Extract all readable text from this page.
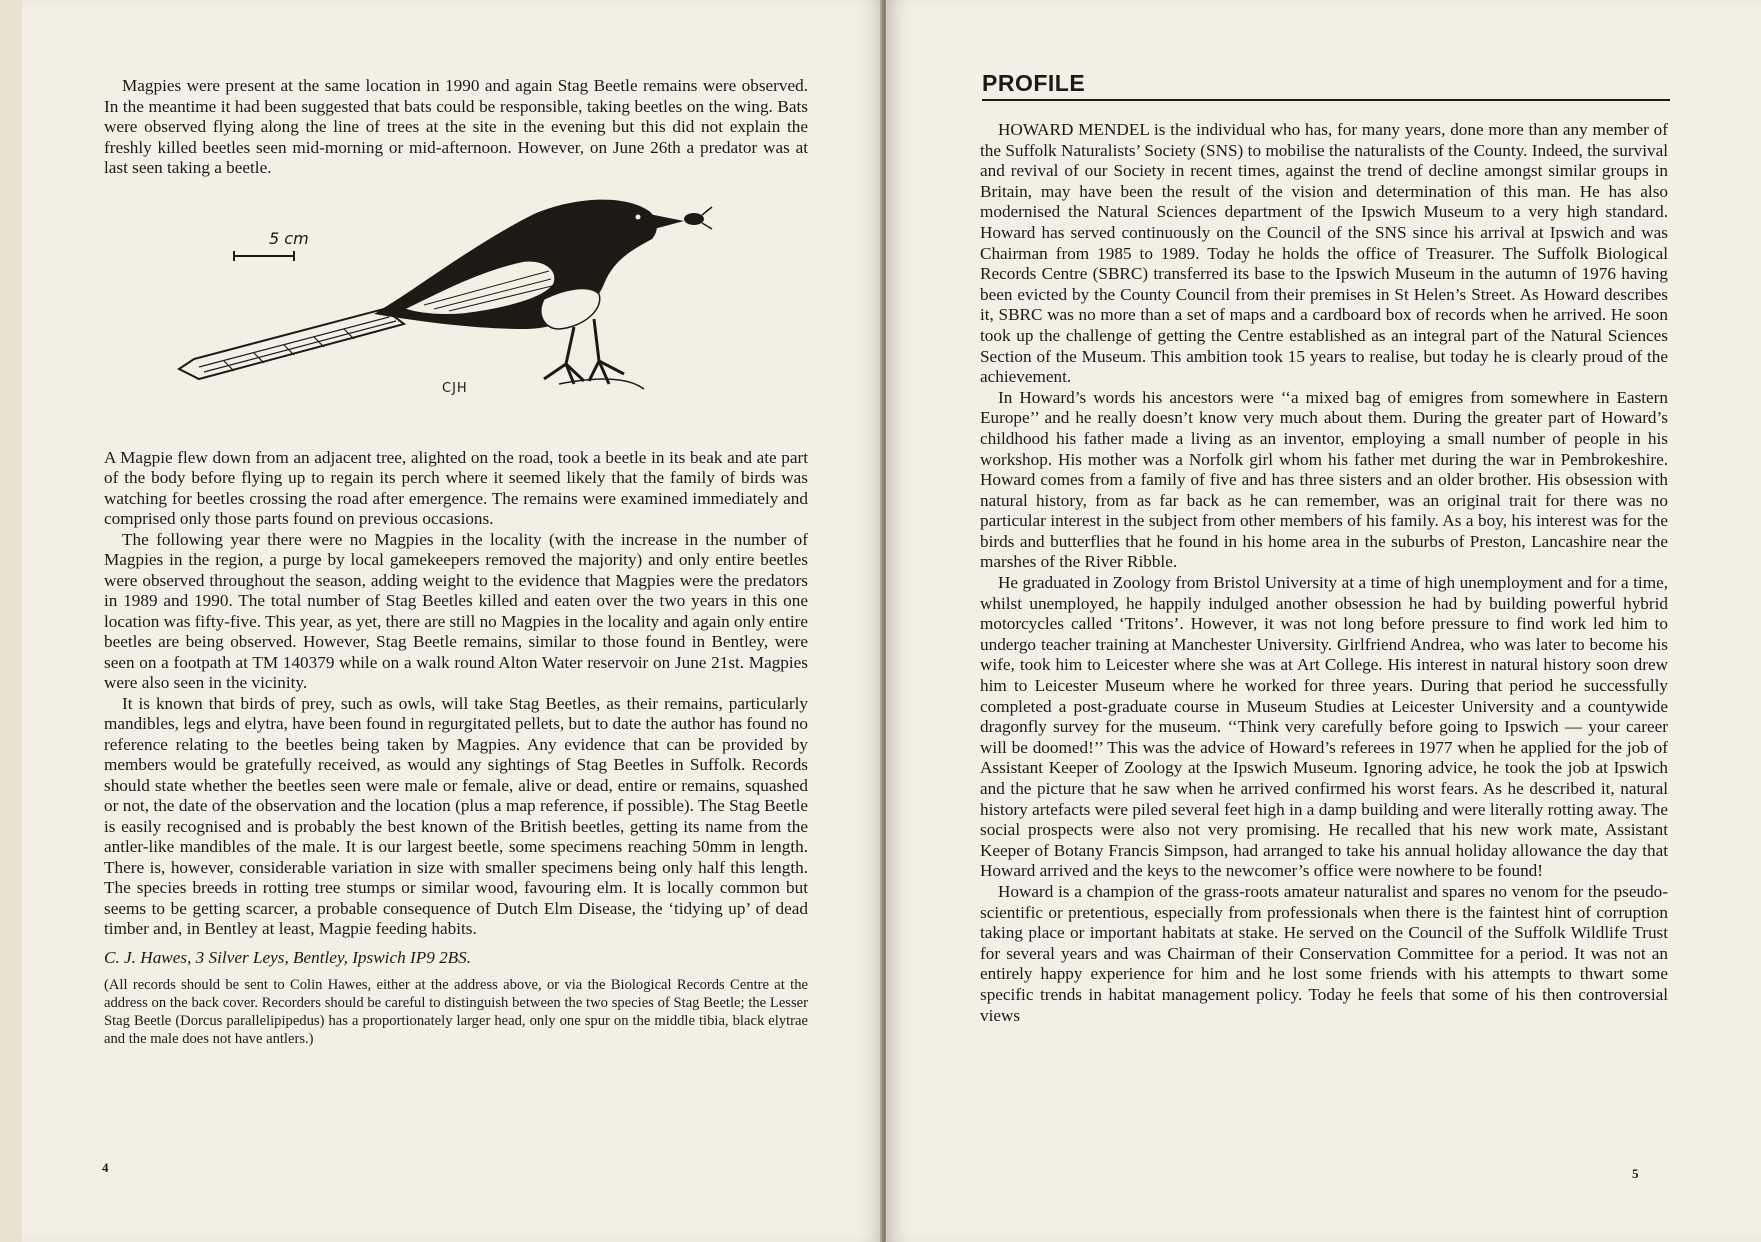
Magpies were present at the same location in 1990 and again Stag Beetle remains were observed. In the meantime it had been suggested that bats could be responsible, taking beetles on the wing. Bats were observed flying along the line of trees at the site in the evening but this did not explain the freshly killed beetles seen mid-morning or mid-afternoon. However, on June 26th a predator was at last seen taking a beetle.

5 cm
CJH

A Magpie flew down from an adjacent tree, alighted on the road, took a beetle in its beak and ate part of the body before flying up to regain its perch where it seemed likely that the family of birds was watching for beetles crossing the road after emergence. The remains were examined immediately and comprised only those parts found on previous occasions.

The following year there were no Magpies in the locality (with the increase in the number of Magpies in the region, a purge by local gamekeepers removed the majority) and only entire beetles were observed throughout the season, adding weight to the evidence that Magpies were the predators in 1989 and 1990. The total number of Stag Beetles killed and eaten over the two years in this one location was fifty-five. This year, as yet, there are still no Magpies in the locality and again only entire beetles are being observed. However, Stag Beetle remains, similar to those found in Bentley, were seen on a footpath at TM 140379 while on a walk round Alton Water reservoir on June 21st. Magpies were also seen in the vicinity.

It is known that birds of prey, such as owls, will take Stag Beetles, as their remains, particularly mandibles, legs and elytra, have been found in regurgitated pellets, but to date the author has found no reference relating to the beetles being taken by Magpies. Any evidence that can be provided by members would be gratefully received, as would any sightings of Stag Beetles in Suffolk. Records should state whether the beetles seen were male or female, alive or dead, entire or remains, squashed or not, the date of the observation and the location (plus a map reference, if possible). The Stag Beetle is easily recognised and is probably the best known of the British beetles, getting its name from the antler-like mandibles of the male. It is our largest beetle, some specimens reaching 50mm in length. There is, however, considerable variation in size with smaller specimens being only half this length. The species breeds in rotting tree stumps or similar wood, favouring elm. It is locally common but seems to be getting scarcer, a probable consequence of Dutch Elm Disease, the ‘tidying up’ of dead timber and, in Bentley at least, Magpie feeding habits.

C. J. Hawes, 3 Silver Leys, Bentley, Ipswich IP9 2BS.

(All records should be sent to Colin Hawes, either at the address above, or via the Biological Records Centre at the address on the back cover. Recorders should be careful to distinguish between the two species of Stag Beetle; the Lesser Stag Beetle (Dorcus parallelipipedus) has a proportionately larger head, only one spur on the middle tibia, black elytrae and the male does not have antlers.)

4
PROFILE

HOWARD MENDEL is the individual who has, for many years, done more than any member of the Suffolk Naturalists’ Society (SNS) to mobilise the naturalists of the County. Indeed, the survival and revival of our Society in recent times, against the trend of decline amongst similar groups in Britain, may have been the result of the vision and determination of this man. He has also modernised the Natural Sciences department of the Ipswich Museum to a very high standard. Howard has served continuously on the Council of the SNS since his arrival at Ipswich and was Chairman from 1985 to 1989. Today he holds the office of Treasurer. The Suffolk Biological Records Centre (SBRC) transferred its base to the Ipswich Museum in the autumn of 1976 having been evicted by the County Council from their premises in St Helen’s Street. As Howard describes it, SBRC was no more than a set of maps and a cardboard box of records when he arrived. He soon took up the challenge of getting the Centre established as an integral part of the Natural Sciences Section of the Museum. This ambition took 15 years to realise, but today he is clearly proud of the achievement.

In Howard’s words his ancestors were ‘‘a mixed bag of emigres from somewhere in Eastern Europe’’ and he really doesn’t know very much about them. During the greater part of Howard’s childhood his father made a living as an inventor, employing a small number of people in his workshop. His mother was a Norfolk girl whom his father met during the war in Pembrokeshire. Howard comes from a family of five and has three sisters and an older brother. His obsession with natural history, from as far back as he can remember, was an original trait for there was no particular interest in the subject from other members of his family. As a boy, his interest was for the birds and butterflies that he found in his home area in the suburbs of Preston, Lancashire near the marshes of the River Ribble.

He graduated in Zoology from Bristol University at a time of high unemployment and for a time, whilst unemployed, he happily indulged another obsession he had by building powerful hybrid motorcycles called ‘Tritons’. However, it was not long before pressure to find work led him to undergo teacher training at Manchester University. Girlfriend Andrea, who was later to become his wife, took him to Leicester where she was at Art College. His interest in natural history soon drew him to Leicester Museum where he worked for three years. During that period he successfully completed a post-graduate course in Museum Studies at Leicester University and a countywide dragonfly survey for the museum. ‘‘Think very carefully before going to Ipswich — your career will be doomed!’’ This was the advice of Howard’s referees in 1977 when he applied for the job of Assistant Keeper of Zoology at the Ipswich Museum. Ignoring advice, he took the job at Ipswich and the picture that he saw when he arrived confirmed his worst fears. As he described it, natural history artefacts were piled several feet high in a damp building and were literally rotting away. The social prospects were also not very promising. He recalled that his new work mate, Assistant Keeper of Botany Francis Simpson, had arranged to take his annual holiday allowance the day that Howard arrived and the keys to the newcomer’s office were nowhere to be found!

Howard is a champion of the grass-roots amateur naturalist and spares no venom for the pseudo-scientific or pretentious, especially from professionals when there is the faintest hint of corruption taking place or important habitats at stake. He served on the Council of the Suffolk Wildlife Trust for several years and was Chairman of their Conservation Committee for a period. It was not an entirely happy experience for him and he lost some friends with his attempts to thwart some specific trends in habitat management policy. Today he feels that some of his then controversial views

5
